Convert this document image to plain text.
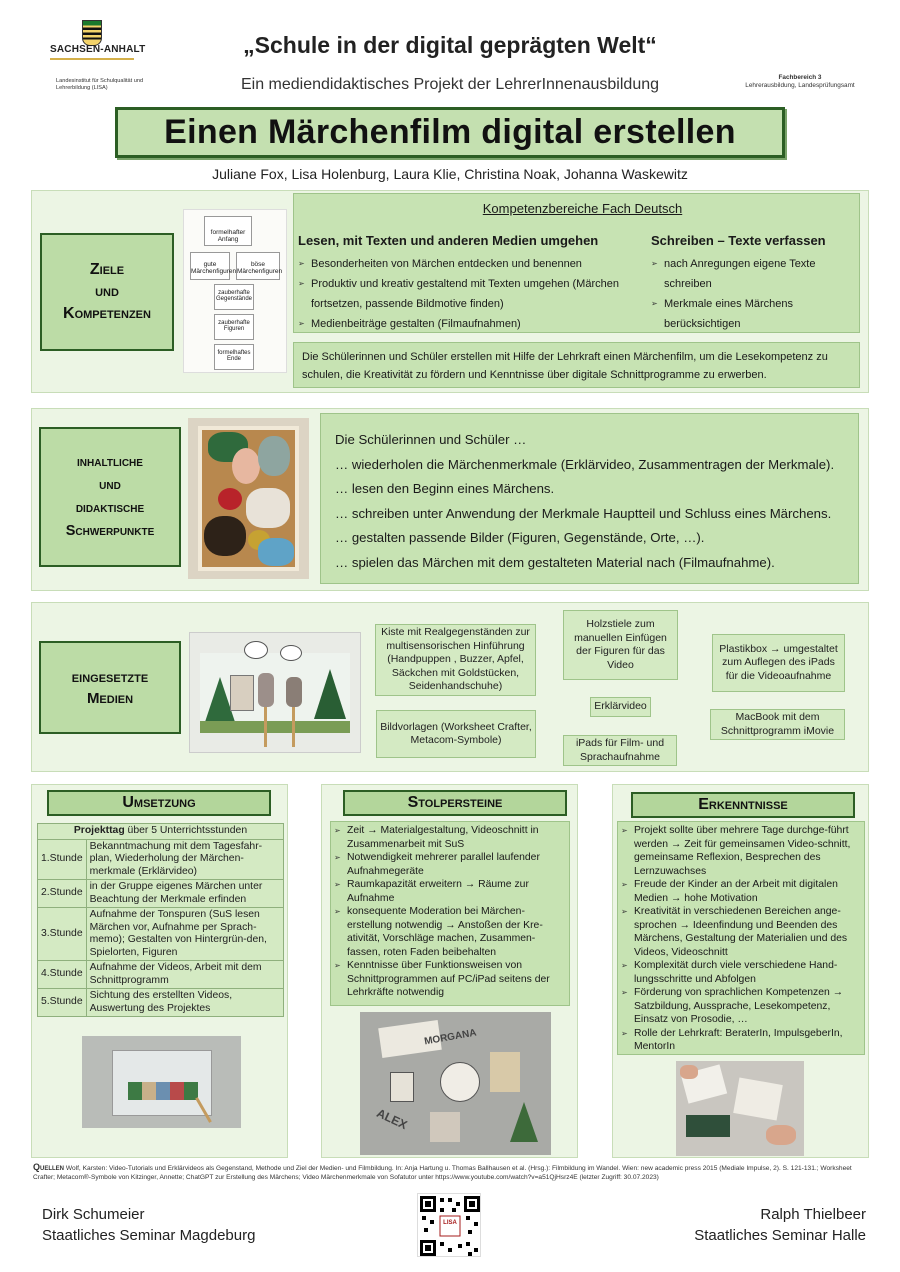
SACHSEN-ANHALT
Landesinstitut für Schulqualität und Lehrerbildung (LISA)
„Schule in der digital geprägten Welt“
Ein mediendidaktisches Projekt der LehrerInnenausbildung	Fachbereich 3
Lehrerausbildung, Landesprüfungsamt
Einen Märchenfilm digital erstellen
Juliane Fox, Lisa Holenburg, Laura Klie, Christina Noak, Johanna Waskewitz
Ziele
und
Kompetenzen
formelhafter Anfang
gute Märchenfiguren
böse Märchenfiguren
zauberhafte Gegenstände
zauberhafte Figuren
formelhaftes Ende
Kompetenzbereiche Fach Deutsch
Lesen, mit Texten und anderen Medien umgehen
➢ Besonderheiten von Märchen entdecken und benennen
➢ Produktiv und kreativ gestaltend mit Texten umgehen (Märchen fortsetzen, passende Bildmotive finden)
➢ Medienbeiträge gestalten (Filmaufnahmen)
Schreiben – Texte verfassen
➢ nach Anregungen eigene Texte schreiben
➢ Merkmale eines Märchens berücksichtigen
Die Schülerinnen und Schüler erstellen mit Hilfe der Lehrkraft einen Märchenfilm, um die Lesekompetenz zu schulen, die Kreativität zu fördern und Kenntnisse über digitale Schnittprogramme zu erwerben.
inhaltliche
und
didaktische
Schwerpunkte
Die Schülerinnen und Schüler …
… wiederholen die Märchenmerkmale (Erklärvideo, Zusammentragen der Merkmale).
… lesen den Beginn eines Märchens.
… schreiben unter Anwendung der Merkmale Hauptteil und Schluss eines Märchens.
… gestalten passende Bilder (Figuren, Gegenstände, Orte, …).
… spielen das Märchen mit dem gestalteten Material nach (Filmaufnahme).
eingesetzte
Medien
Kiste mit Realgegenständen zur multisensorischen Hinführung (Handpuppen , Buzzer, Apfel, Säckchen mit Goldstücken, Seidenhandschuhe)
Holzstiele zum manuellen Einfügen der Figuren für das Video
Plastikbox → umgestaltet zum Auflegen des iPads für die Videoaufnahme
Bildvorlagen (Worksheet Crafter, Metacom-Symbole)
Erklärvideo
iPads für Film- und Sprachaufnahme
MacBook mit dem Schnittprogramm iMovie
Umsetzung
Projekttag über 5 Unterrichtsstunden	
1.Stunde	Bekanntmachung mit dem Tagesfahr-plan, Wiederholung der Märchen-merkmale (Erklärvideo)
2.Stunde	in der Gruppe eigenes Märchen unter Beachtung der Merkmale erfinden
3.Stunde	Aufnahme der Tonspuren (SuS lesen Märchen vor, Aufnahme per Sprach-memo); Gestalten von Hintergrün-den, Spielorten, Figuren
4.Stunde	Aufnahme der Videos, Arbeit mit dem Schnittprogramm
5.Stunde	Sichtung des erstellten Videos, Auswertung des Projektes
Stolpersteine
➢ Zeit → Materialgestaltung, Videoschnitt in Zusammenarbeit mit SuS
➢ Notwendigkeit mehrerer parallel laufender Aufnahmegeräte
➢ Raumkapazität erweitern → Räume zur Aufnahme
➢ konsequente Moderation bei Märchen-erstellung notwendig → Anstoßen der Kre-ativität, Vorschläge machen, Zusammen-fassen, roten Faden beibehalten
➢ Kenntnisse über Funktionsweisen von Schnittprogrammen auf PC/iPad seitens der Lehrkräfte notwendig
MORGANA
ALEX
Erkenntnisse
➢ Projekt sollte über mehrere Tage durchge-führt werden → Zeit für gemeinsamen Video-schnitt, gemeinsame Reflexion, Besprechen des Lernzuwachses
➢ Freude der Kinder an der Arbeit mit digitalen Medien → hohe Motivation
➢ Kreativität in verschiedenen Bereichen ange-sprochen → Ideenfindung und Beenden des Märchens, Gestaltung der Materialien und des Videos, Videoschnitt
➢ Komplexität durch viele verschiedene Hand-lungsschritte und Abfolgen
➢ Förderung von sprachlichen Kompetenzen → Satzbildung, Aussprache, Lesekompetenz, Einsatz von Prosodie, …
➢ Rolle der Lehrkraft: BeraterIn, ImpulsgeberIn, MentorIn
Quellen Wolf, Karsten: Video-Tutorials und Erklärvideos als Gegenstand, Methode und Ziel der Medien- und Filmbildung. In: Anja Hartung u. Thomas Ballhausen et al. (Hrsg.): Filmbildung im Wandel. Wien: new academic press 2015 (Mediale Impulse, 2). S. 121-131.; Worksheet Crafter; Metacom®-Symbole von Kitzinger, Annette; ChatGPT zur Erstellung des Märchens; Video Märchenmerkmale von Sofatutor unter https://www.youtube.com/watch?v=a51QjHsrz4E (letzter Zugriff: 30.07.2023)
Dirk Schumeier
Staatliches Seminar Magdeburg
Ralph Thielbeer
Staatliches Seminar Halle
LISA
